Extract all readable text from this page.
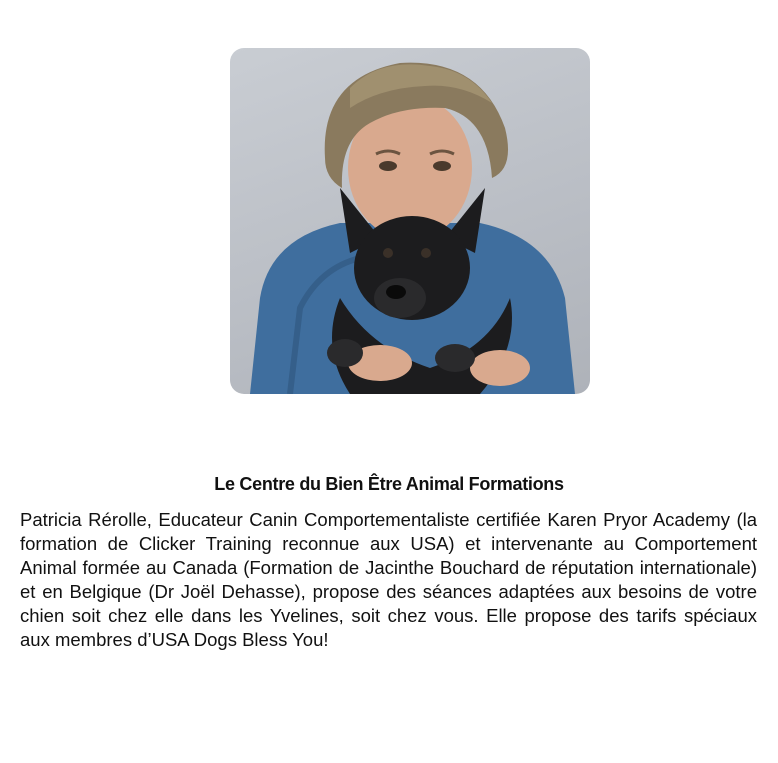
Le Centre du Bien Être Animal Formations
Patricia Rérolle, Educateur Canin Comportementaliste certifiée Karen Pryor Academy (la formation de Clicker Training reconnue aux USA) et intervenante au Comportement Animal formée au Canada (Formation de Jacinthe Bouchard de réputation internationale) et en Belgique (Dr Joël Dehasse), propose des séances adaptées aux besoins de votre chien soit chez elle dans les Yvelines, soit chez vous. Elle propose des tarifs spéciaux aux membres d’USA Dogs Bless You!
